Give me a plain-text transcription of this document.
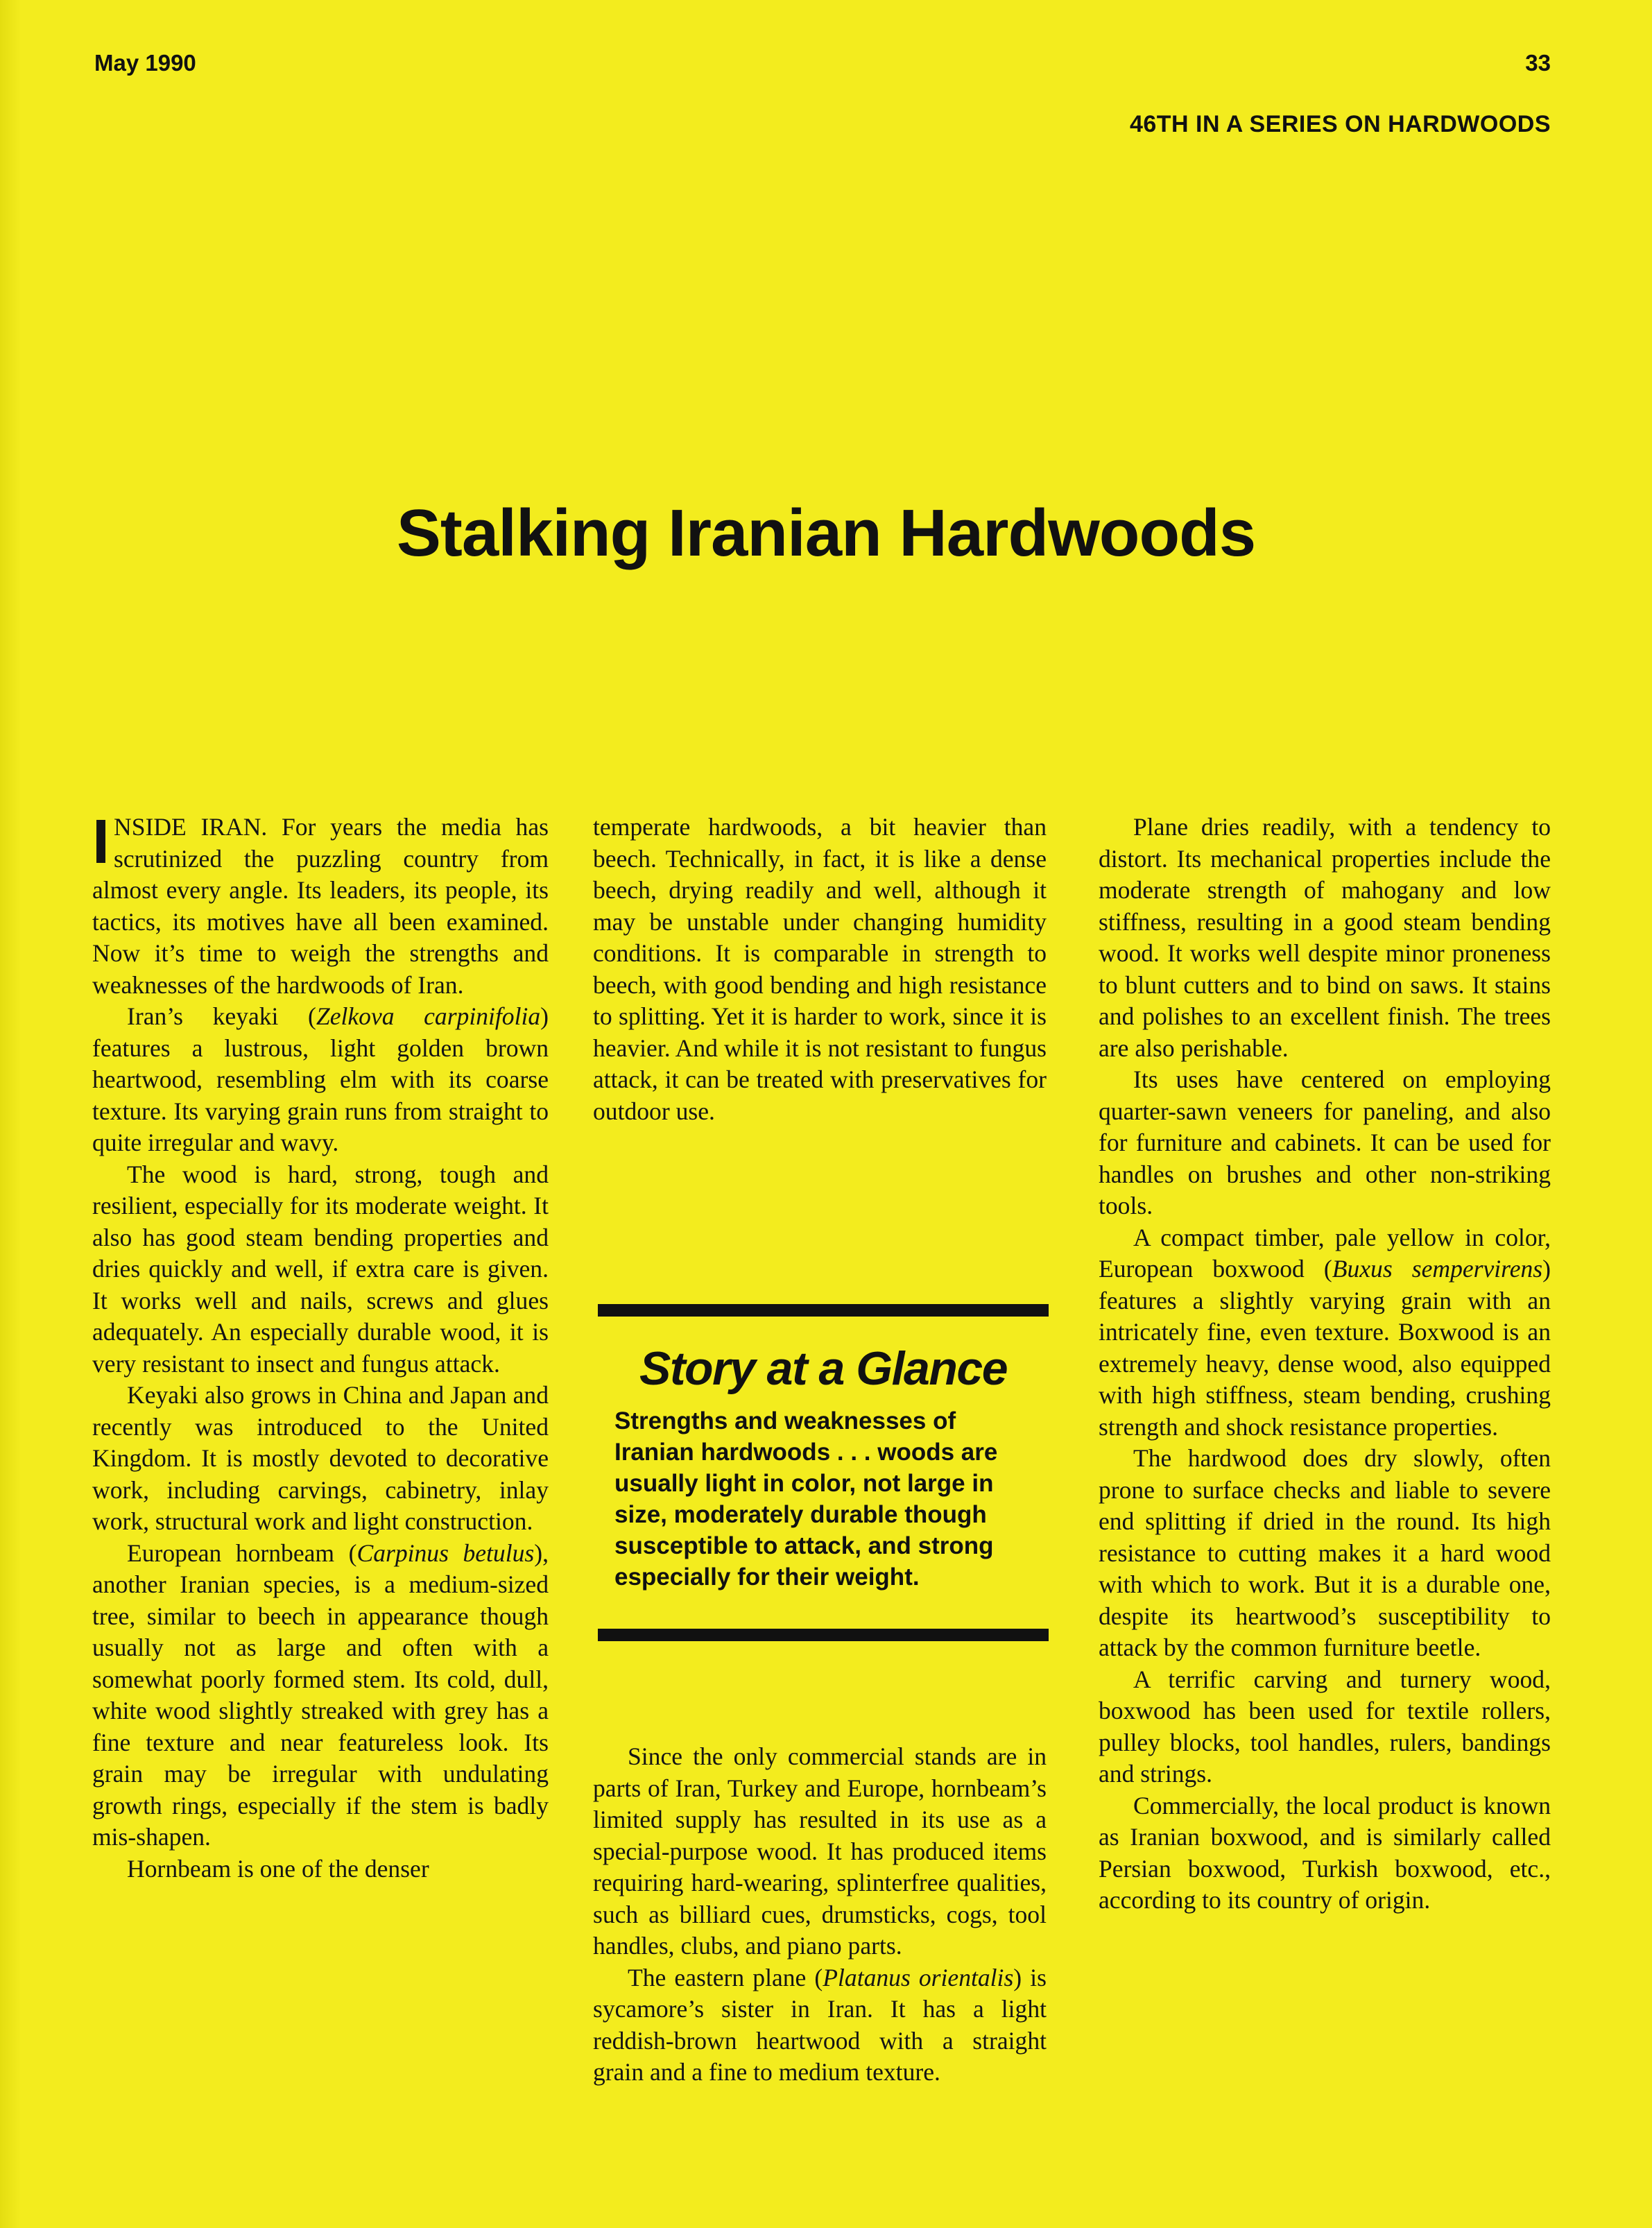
May 1990	33
46TH IN A SERIES ON HARDWOODS
Stalking Iranian Hardwoods

INSIDE IRAN. For years the media has scrutinized the puzzling country from almost every angle. Its leaders, its people, its tactics, its motives have all been examined. Now it’s time to weigh the strengths and weaknesses of the hardwoods of Iran.

Iran’s keyaki (Zelkova carpinifolia) features a lustrous, light golden brown heartwood, resembling elm with its coarse texture. Its varying grain runs from straight to quite irregular and wavy.

The wood is hard, strong, tough and resilient, especially for its moderate weight. It also has good steam bending properties and dries quickly and well, if extra care is given. It works well and nails, screws and glues adequately. An especially durable wood, it is very resistant to insect and fungus attack.

Keyaki also grows in China and Japan and recently was introduced to the United Kingdom. It is mostly devoted to decorative work, including carvings, cabinetry, inlay work, structural work and light construction.

European hornbeam (Carpinus betulus), another Iranian species, is a medium-sized tree, similar to beech in appearance though usually not as large and often with a somewhat poorly formed stem. Its cold, dull, white wood slightly streaked with grey has a fine texture and near featureless look. Its grain may be irregular with undulating growth rings, especially if the stem is badly mis-shapen.

Hornbeam is one of the denser

temperate hardwoods, a bit heavier than beech. Technically, in fact, it is like a dense beech, drying readily and well, although it may be unstable under changing humidity conditions. It is comparable in strength to beech, with good bending and high resistance to splitting. Yet it is harder to work, since it is heavier. And while it is not resistant to fungus attack, it can be treated with preservatives for outdoor use.

Story at a Glance
Strengths and weaknesses of Iranian hardwoods . . . woods are usually light in color, not large in size, moderately durable though susceptible to attack, and strong especially for their weight.

Since the only commercial stands are in parts of Iran, Turkey and Europe, hornbeam’s limited supply has resulted in its use as a special-purpose wood. It has produced items requiring hard-wearing, splinterfree qualities, such as billiard cues, drumsticks, cogs, tool handles, clubs, and piano parts.

The eastern plane (Platanus orientalis) is sycamore’s sister in Iran. It has a light reddish-brown heartwood with a straight grain and a fine to medium texture.

Plane dries readily, with a tendency to distort. Its mechanical properties include the moderate strength of mahogany and low stiffness, resulting in a good steam bending wood. It works well despite minor proneness to blunt cutters and to bind on saws. It stains and polishes to an excellent finish. The trees are also perishable.

Its uses have centered on employing quarter-sawn veneers for paneling, and also for furniture and cabinets. It can be used for handles on brushes and other non-striking tools.

A compact timber, pale yellow in color, European boxwood (Buxus sempervirens) features a slightly varying grain with an intricately fine, even texture. Boxwood is an extremely heavy, dense wood, also equipped with high stiffness, steam bending, crushing strength and shock resistance properties.

The hardwood does dry slowly, often prone to surface checks and liable to severe end splitting if dried in the round. Its high resistance to cutting makes it a hard wood with which to work. But it is a durable one, despite its heartwood’s susceptibility to attack by the common furniture beetle.

A terrific carving and turnery wood, boxwood has been used for textile rollers, pulley blocks, tool handles, rulers, bandings and strings.

Commercially, the local product is known as Iranian boxwood, and is similarly called Persian boxwood, Turkish boxwood, etc., according to its country of origin.
